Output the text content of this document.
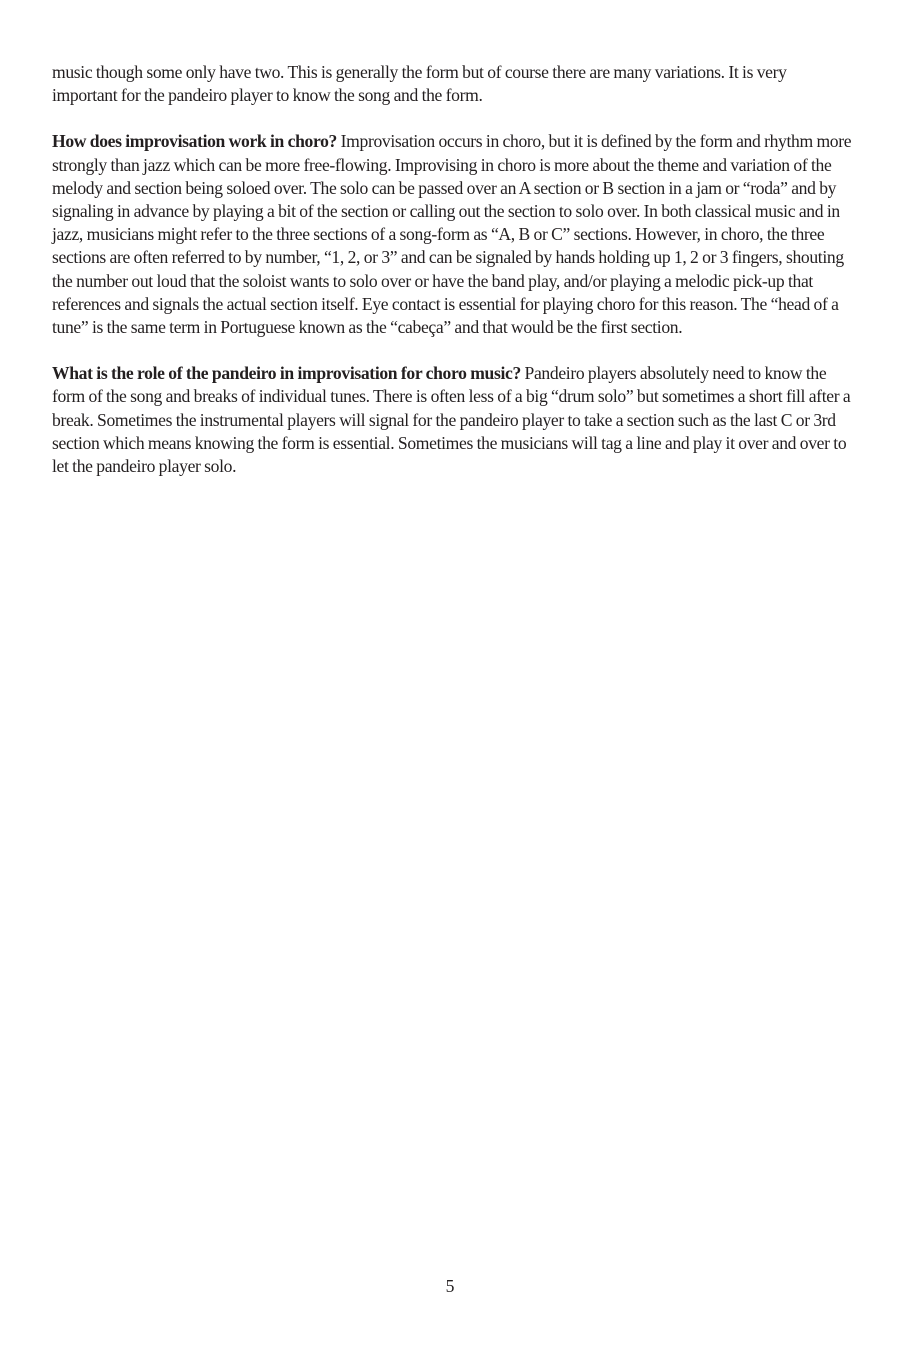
music though some only have two. This is generally the form but of course there are many variations. It is very important for the pandeiro player to know the song and the form.

How does improvisation work in choro? Improvisation occurs in choro, but it is defined by the form and rhythm more strongly than jazz which can be more free-flowing. Improvising in choro is more about the theme and variation of the melody and section being soloed over. The solo can be passed over an A section or B section in a jam or “roda” and by signaling in advance by playing a bit of the section or calling out the section to solo over. In both classical music and in jazz, musicians might refer to the three sections of a song-form as “A, B or C” sections. However, in choro, the three sections are often referred to by number, “1, 2, or 3” and can be signaled by hands holding up 1, 2 or 3 fingers, shouting the number out loud that the soloist wants to solo over or have the band play, and/or playing a melodic pick-up that references and signals the actual section itself. Eye contact is essential for playing choro for this reason. The “head of a tune” is the same term in Portuguese known as the “cabeça” and that would be the first section.

What is the role of the pandeiro in improvisation for choro music? Pandeiro players absolutely need to know the form of the song and breaks of individual tunes. There is often less of a big “drum solo” but sometimes a short fill after a break. Sometimes the instrumental players will signal for the pandeiro player to take a section such as the last C or 3rd section which means knowing the form is essential. Sometimes the musicians will tag a line and play it over and over to let the pandeiro player solo.

5
